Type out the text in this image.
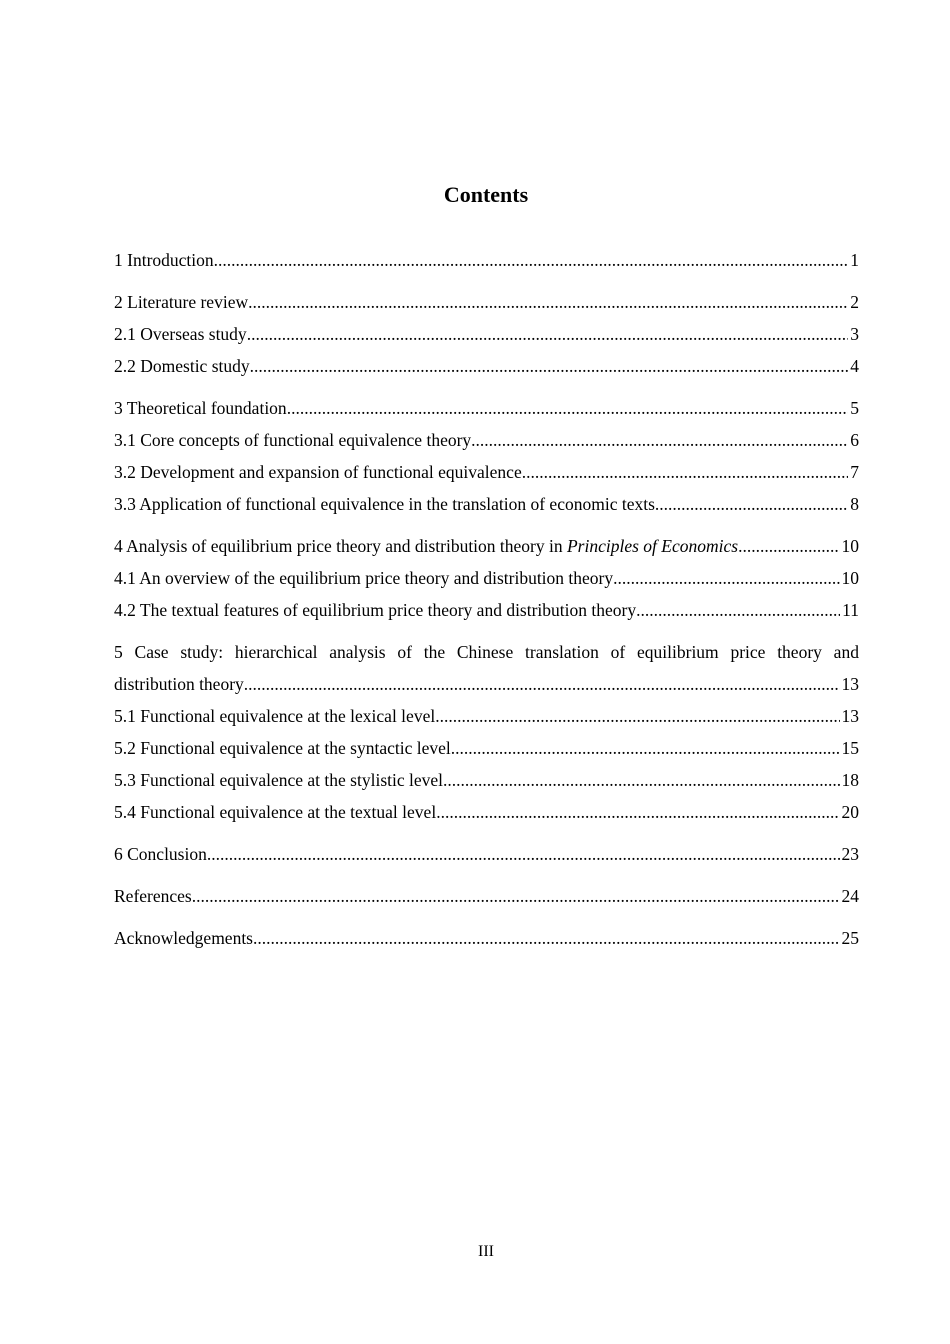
Contents
1 Introduction .....	1
2 Literature review .....	2
2.1 Overseas study .....	3
2.2 Domestic study .....	4
3 Theoretical foundation .....	5
3.1 Core concepts of functional equivalence theory .....	6
3.2 Development and expansion of functional equivalence .....	7
3.3 Application of functional equivalence in the translation of economic texts .....	8
4 Analysis of equilibrium price theory and distribution theory in Principles of Economics .....	10
4.1 An overview of the equilibrium price theory and distribution theory .....	10
4.2 The textual features of equilibrium price theory and distribution theory .....	11
5 Case study: hierarchical analysis of the Chinese translation of equilibrium price theory and
distribution theory .....	13
5.1 Functional equivalence at the lexical level .....	13
5.2 Functional equivalence at the syntactic level .....	15
5.3 Functional equivalence at the stylistic level .....	18
5.4 Functional equivalence at the textual level .....	20
6 Conclusion .....	23
References .....	24
Acknowledgements .....	25
III
